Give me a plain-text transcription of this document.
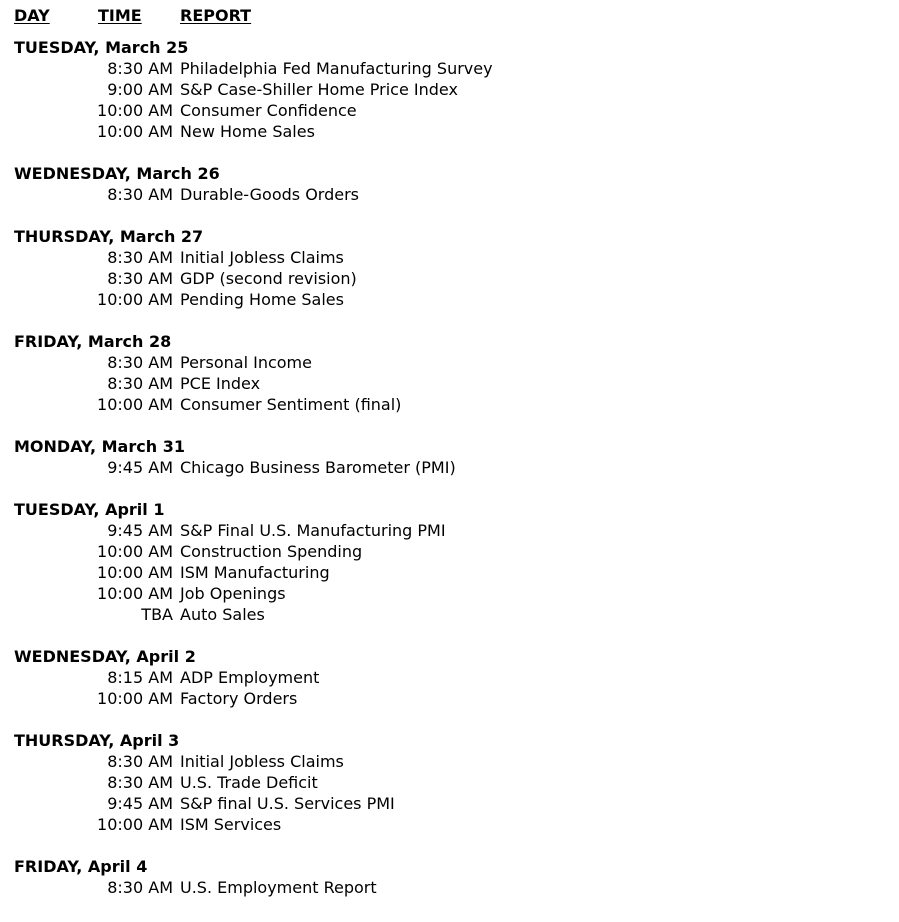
DAY	TIME REPORT
TUESDAY, March 25
8:30 AM Philadelphia Fed Manufacturing Survey
9:00 AM S&P Case-Shiller Home Price Index
10:00 AM Consumer Confidence
10:00 AM New Home Sales
WEDNESDAY, March 26
8:30 AM Durable-Goods Orders
THURSDAY, March 27
8:30 AM Initial Jobless Claims
8:30 AM GDP (second revision)
10:00 AM Pending Home Sales
FRIDAY, March 28
8:30 AM Personal Income
8:30 AM PCE Index
10:00 AM Consumer Sentiment (final)
MONDAY, March 31
9:45 AM Chicago Business Barometer (PMI)
TUESDAY, April 1
9:45 AM S&P Final U.S. Manufacturing PMI
10:00 AM Construction Spending
10:00 AM ISM Manufacturing
10:00 AM Job Openings
TBA Auto Sales
WEDNESDAY, April 2
8:15 AM ADP Employment
10:00 AM Factory Orders
THURSDAY, April 3
8:30 AM Initial Jobless Claims
8:30 AM U.S. Trade Deficit
9:45 AM S&P final U.S. Services PMI
10:00 AM ISM Services
FRIDAY, April 4
8:30 AM U.S. Employment Report
